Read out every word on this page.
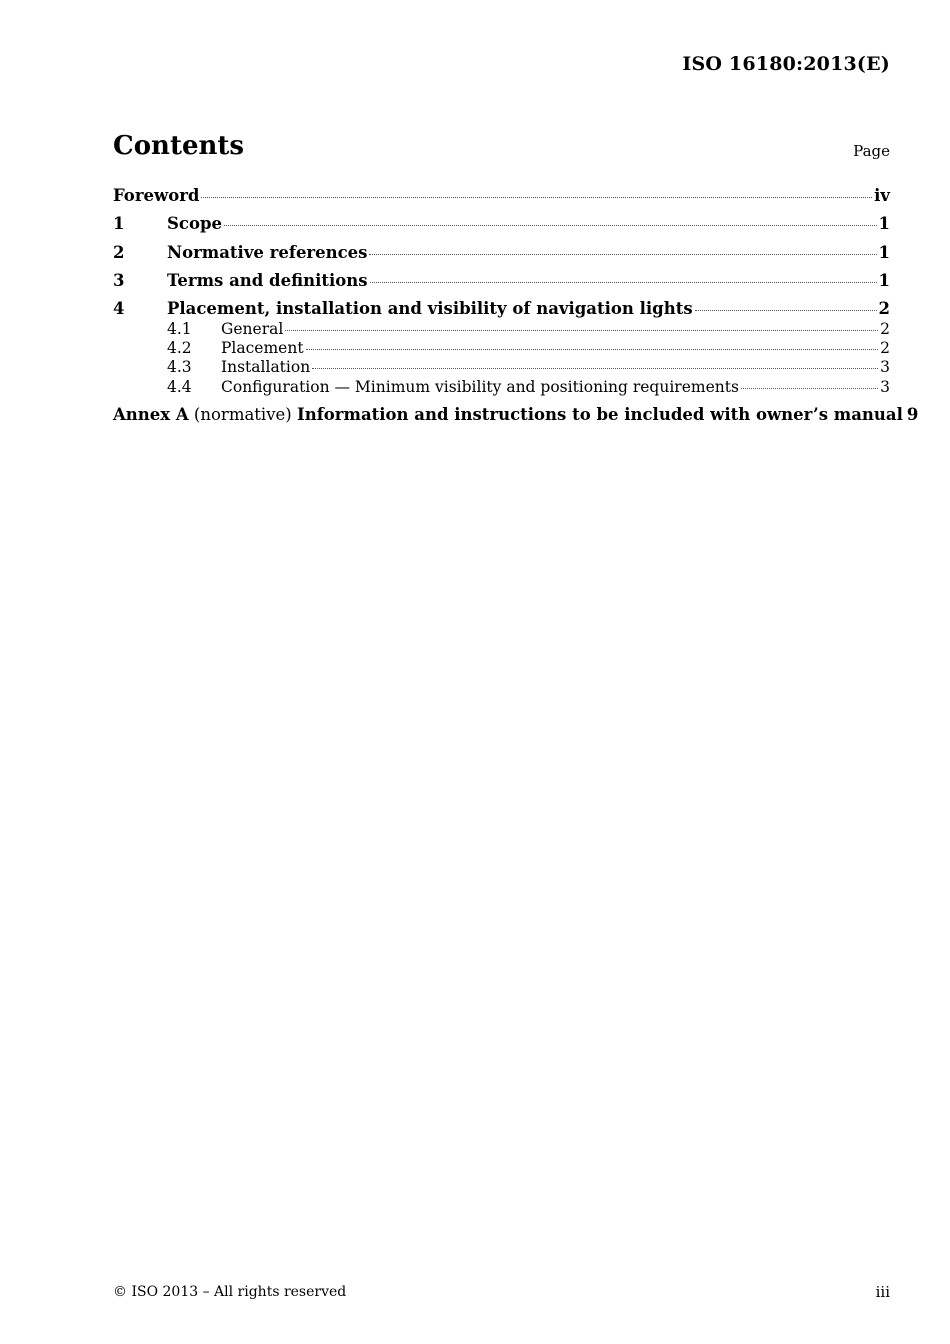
ISO 16180:2013(E)
Contents	Page
Foreword	iv
1	Scope	1
2	Normative references	1
3	Terms and definitions	1
4	Placement, installation and visibility of navigation lights	2
4.1	General	2
4.2	Placement	2
4.3	Installation	3
4.4	Configuration — Minimum visibility and positioning requirements	3
Annex A (normative) Information and instructions to be included with owner’s manual 9
© ISO 2013 – All rights reserved	iii
